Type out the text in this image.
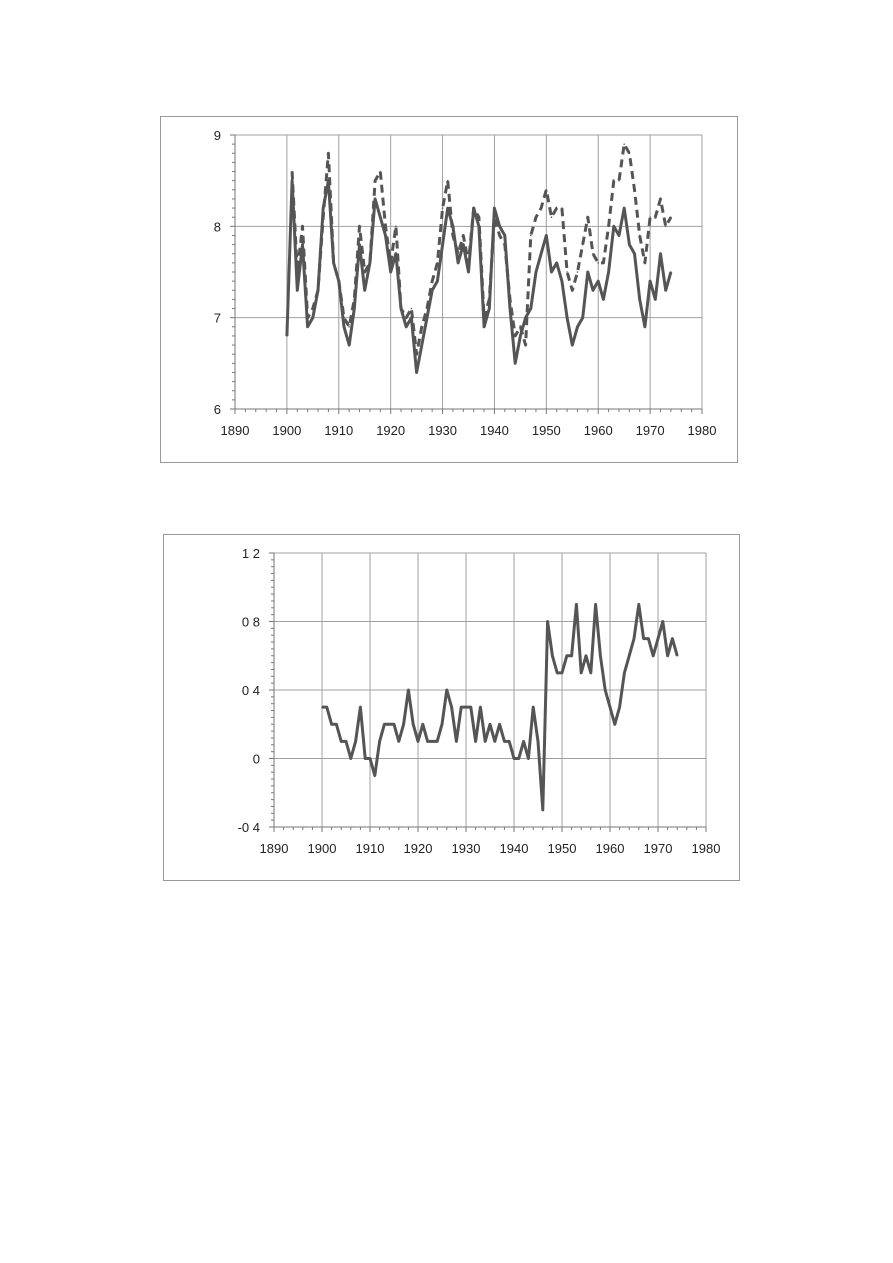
1890 1900 1910 1920 1930 1940 1950 1960 1970 1980
6
7
8
9
1890 1900 1910 1920 1930 1940 1950 1960 1970 1980
-0 4
0
0 4
0 8
1 2
